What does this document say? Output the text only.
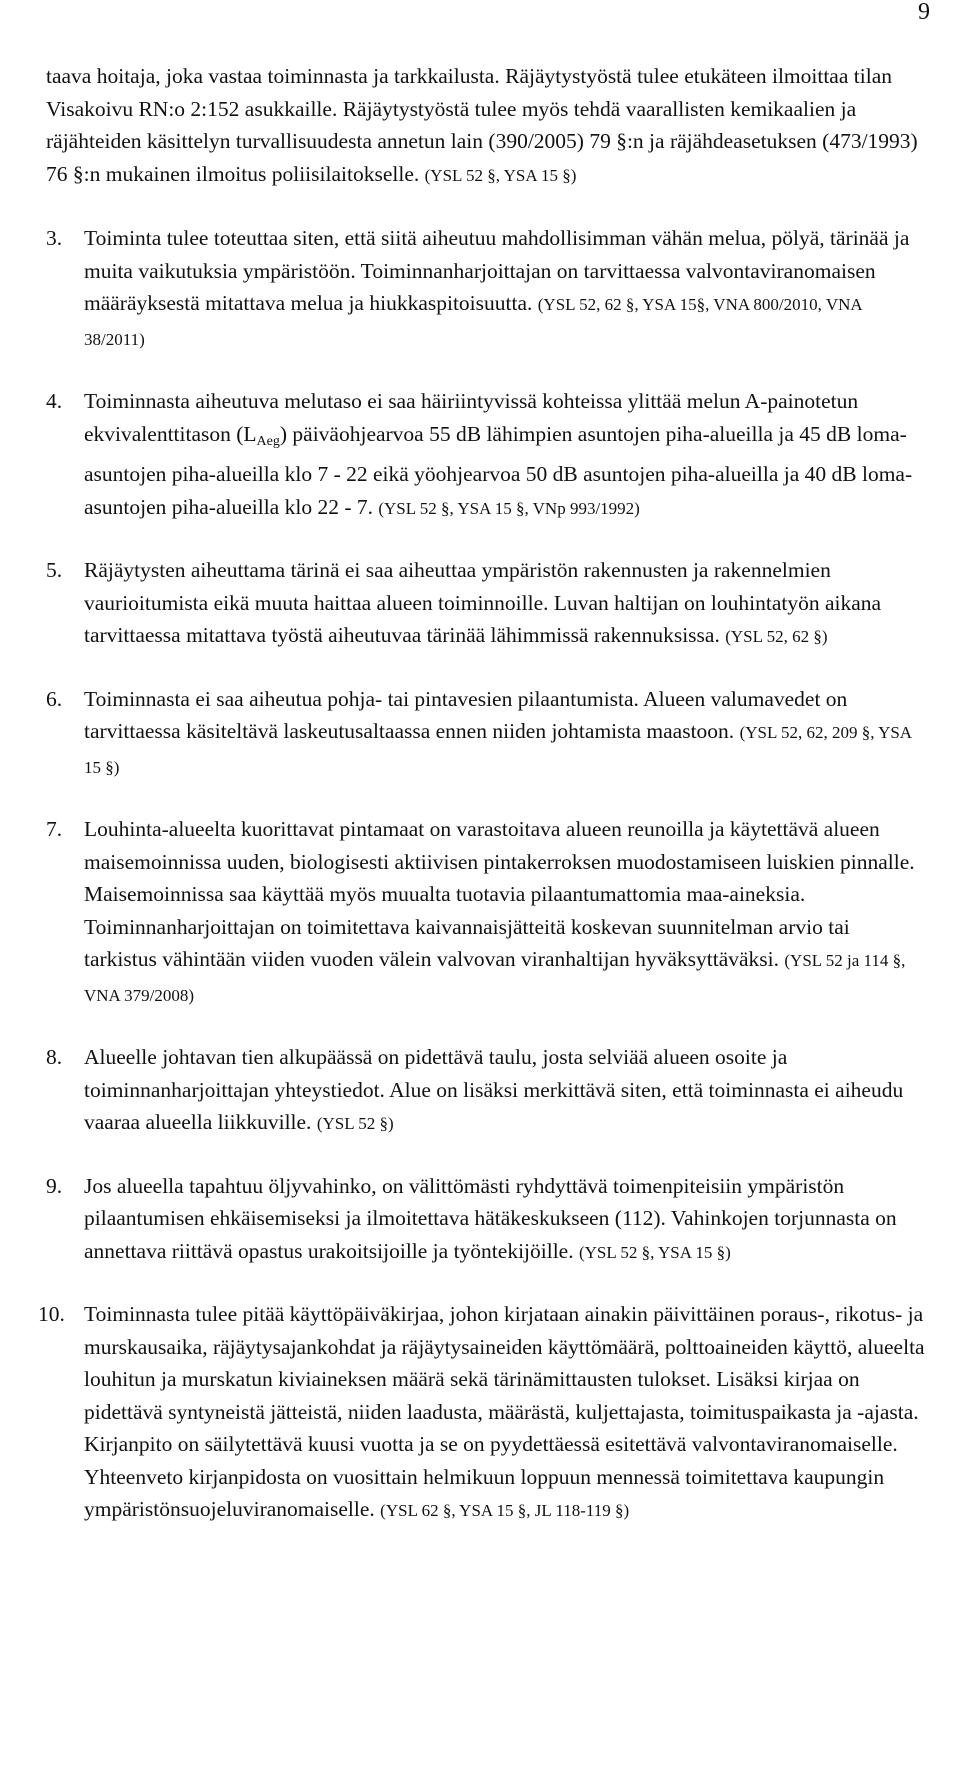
9

taava hoitaja, joka vastaa toiminnasta ja tarkkailusta. Räjäytystyöstä tulee etukäteen ilmoittaa tilan Visakoivu RN:o 2:152 asukkaille. Räjäytystyöstä tulee myös tehdä vaarallisten kemikaalien ja räjähteiden käsittelyn turvallisuudesta annetun lain (390/2005) 79 §:n ja räjähdeasetuksen (473/1993) 76 §:n mukainen ilmoitus poliisilaitokselle. (YSL 52 §, YSA 15 §)

3. Toiminta tulee toteuttaa siten, että siitä aiheutuu mahdollisimman vähän melua, pölyä, tärinää ja muita vaikutuksia ympäristöön. Toiminnanharjoittajan on tarvittaessa valvontaviranomaisen määräyksestä mitattava melua ja hiukkaspitoisuutta. (YSL 52, 62 §, YSA 15§, VNA 800/2010, VNA 38/2011)
4. Toiminnasta aiheutuva melutaso ei saa häiriintyvissä kohteissa ylittää melun A-painotetun ekvivalenttitason $(L_{Aeg})$ päiväohjearvoa 55 dB lähimpien asuntojen piha-alueilla ja 45 dB loma-asuntojen piha-alueilla klo 7 - 22 eikä yöohjearvoa 50 dB asuntojen piha-alueilla ja 40 dB loma-asuntojen piha-alueilla klo 22 - 7. (YSL 52 §, YSA 15 §, VNp 993/1992)
5. Räjäytysten aiheuttama tärinä ei saa aiheuttaa ympäristön rakennusten ja rakennelmien vaurioitumista eikä muuta haittaa alueen toiminnoille. Luvan haltijan on louhintatyön aikana tarvittaessa mitattava työstä aiheutuvaa tärinää lähimmissä rakennuksissa. (YSL 52, 62 §)
6. Toiminnasta ei saa aiheutua pohja- tai pintavesien pilaantumista. Alueen valumavedet on tarvittaessa käsiteltävä laskeutusaltaassa ennen niiden johtamista maastoon. (YSL 52, 62, 209 §, YSA 15 §)
7. Louhinta-alueelta kuorittavat pintamaat on varastoitava alueen reunoilla ja käytettävä alueen maisemoinnissa uuden, biologisesti aktiivisen pintakerroksen muodostamiseen luiskien pinnalle. Maisemoinnissa saa käyttää myös muualta tuotavia pilaantumattomia maa-aineksia. Toiminnanharjoittajan on toimitettava kaivannaisjätteitä koskevan suunnitelman arvio tai tarkistus vähintään viiden vuoden välein valvovan viranhaltijan hyväksyttäväksi. (YSL 52 ja 114 §, VNA 379/2008)
8. Alueelle johtavan tien alkupäässä on pidettävä taulu, josta selviää alueen osoite ja toiminnanharjoittajan yhteystiedot. Alue on lisäksi merkittävä siten, että toiminnasta ei aiheudu vaaraa alueella liikkuville. (YSL 52 §)
9. Jos alueella tapahtuu öljyvahinko, on välittömästi ryhdyttävä toimenpiteisiin ympäristön pilaantumisen ehkäisemiseksi ja ilmoitettava hätäkeskukseen (112). Vahinkojen torjunnasta on annettava riittävä opastus urakoitsijoille ja työntekijöille. (YSL 52 §, YSA 15 §)
10. Toiminnasta tulee pitää käyttöpäiväkirjaa, johon kirjataan ainakin päivittäinen poraus-, rikotus- ja murskausaika, räjäytysajankohdat ja räjäytysaineiden käyttömäärä, polttoaineiden käyttö, alueelta louhitun ja murskatun kiviaineksen määrä sekä tärinämittausten tulokset. Lisäksi kirjaa on pidettävä syntyneistä jätteistä, niiden laadusta, määrästä, kuljettajasta, toimituspaikasta ja -ajasta. Kirjanpito on säilytettävä kuusi vuotta ja se on pyydettäessä esitettävä valvontaviranomaiselle. Yhteenveto kirjanpidosta on vuosittain helmikuun loppuun mennessä toimitettava kaupungin ympäristönsuojeluviranomaiselle. (YSL 62 §, YSA 15 §, JL 118-119 §)
